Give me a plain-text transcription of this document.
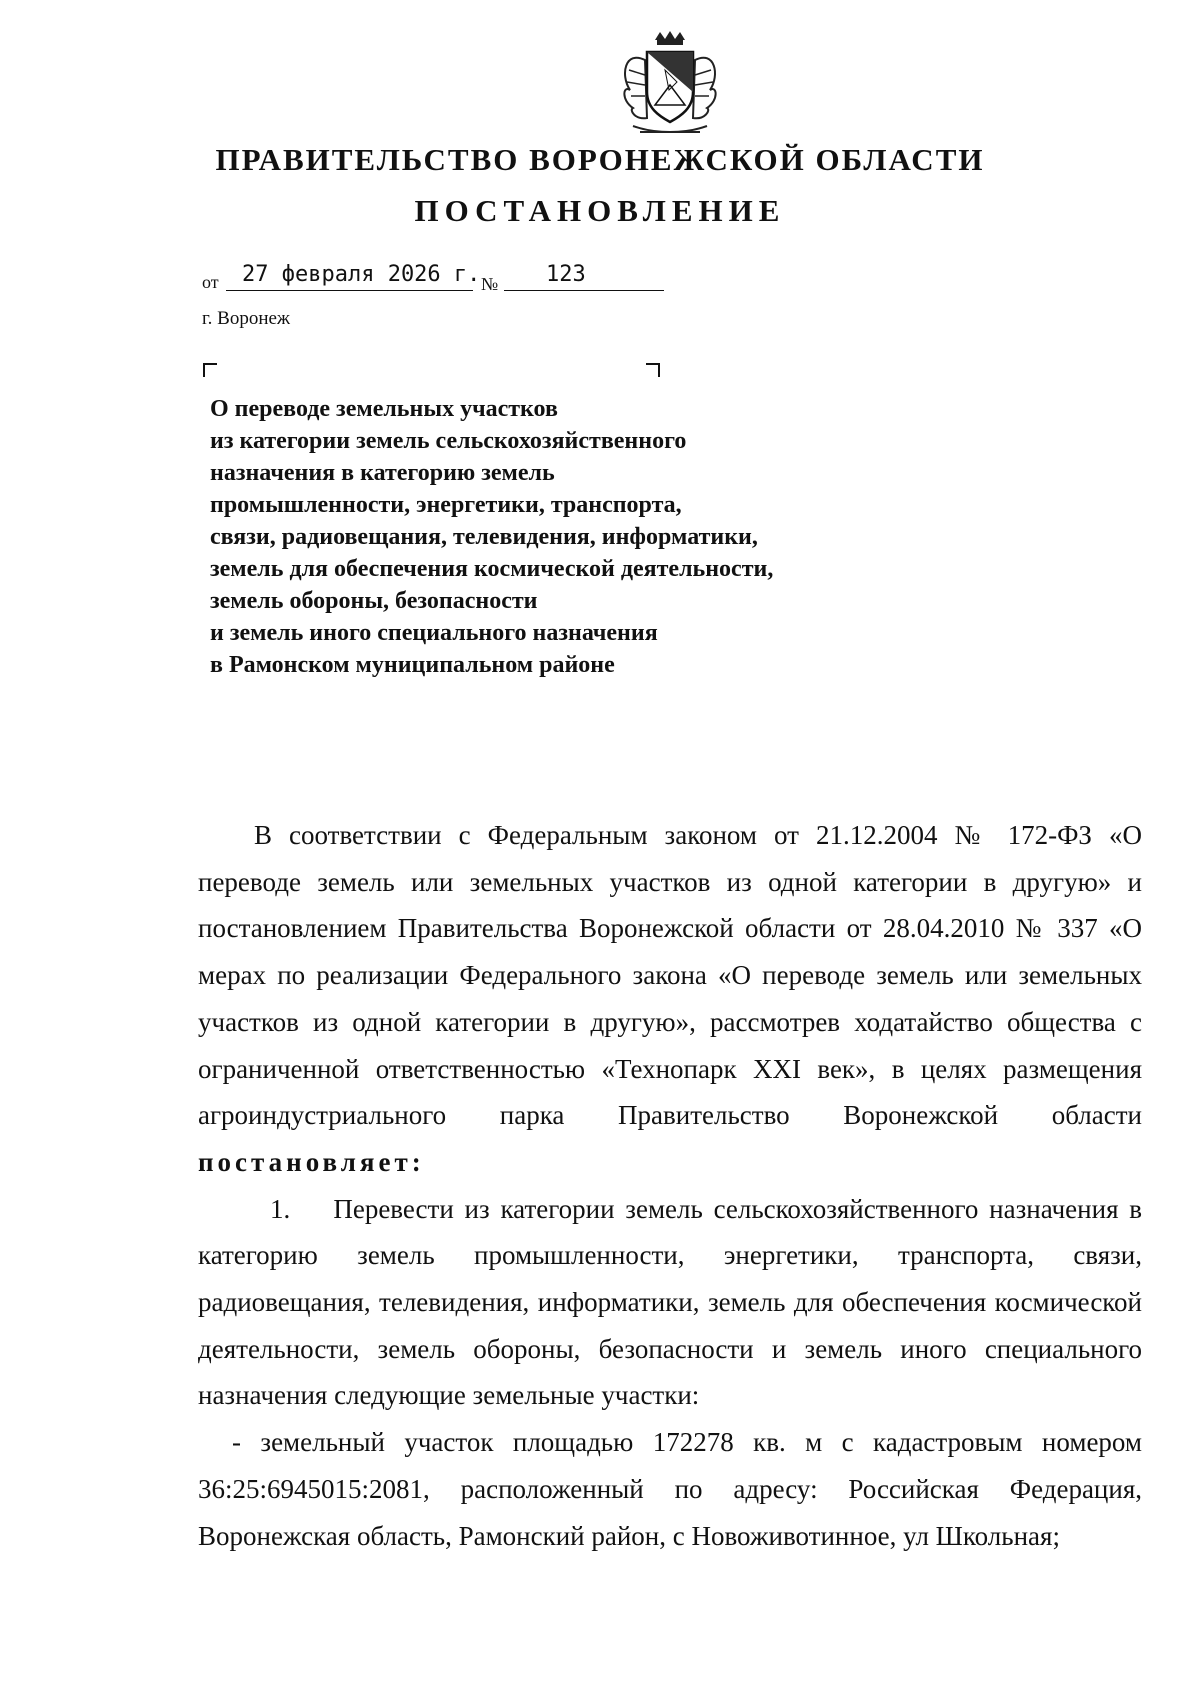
ПРАВИТЕЛЬСТВО ВОРОНЕЖСКОЙ ОБЛАСТИ
ПОСТАНОВЛЕНИЕ
от 27 февраля 2026 г. № 123
г. Воронеж
О переводе земельных участков
из категории земель сельскохозяйственного
назначения в категорию земель
промышленности, энергетики, транспорта,
связи, радиовещания, телевидения, информатики,
земель для обеспечения космической деятельности,
земель обороны, безопасности
и земель иного специального назначения
в Рамонском муниципальном районе

В соответствии с Федеральным законом от 21.12.2004 № 172-ФЗ «О переводе земель или земельных участков из одной категории в другую» и постановлением Правительства Воронежской области от 28.04.2010 № 337 «О мерах по реализации Федерального закона «О переводе земель или земельных участков из одной категории в другую», рассмотрев ходатайство общества с ограниченной ответственностью «Технопарк XXI век», в целях размещения агроиндустриального парка Правительство Воронежской области постановляет:

1. Перевести из категории земель сельскохозяйственного назначения в категорию земель промышленности, энергетики, транспорта, связи, радиовещания, телевидения, информатики, земель для обеспечения космической деятельности, земель обороны, безопасности и земель иного специального назначения следующие земельные участки:

- земельный участок площадью 172278 кв. м с кадастровым номером 36:25:6945015:2081, расположенный по адресу: Российская Федерация, Воронежская область, Рамонский район, с Новоживотинное, ул Школьная;
